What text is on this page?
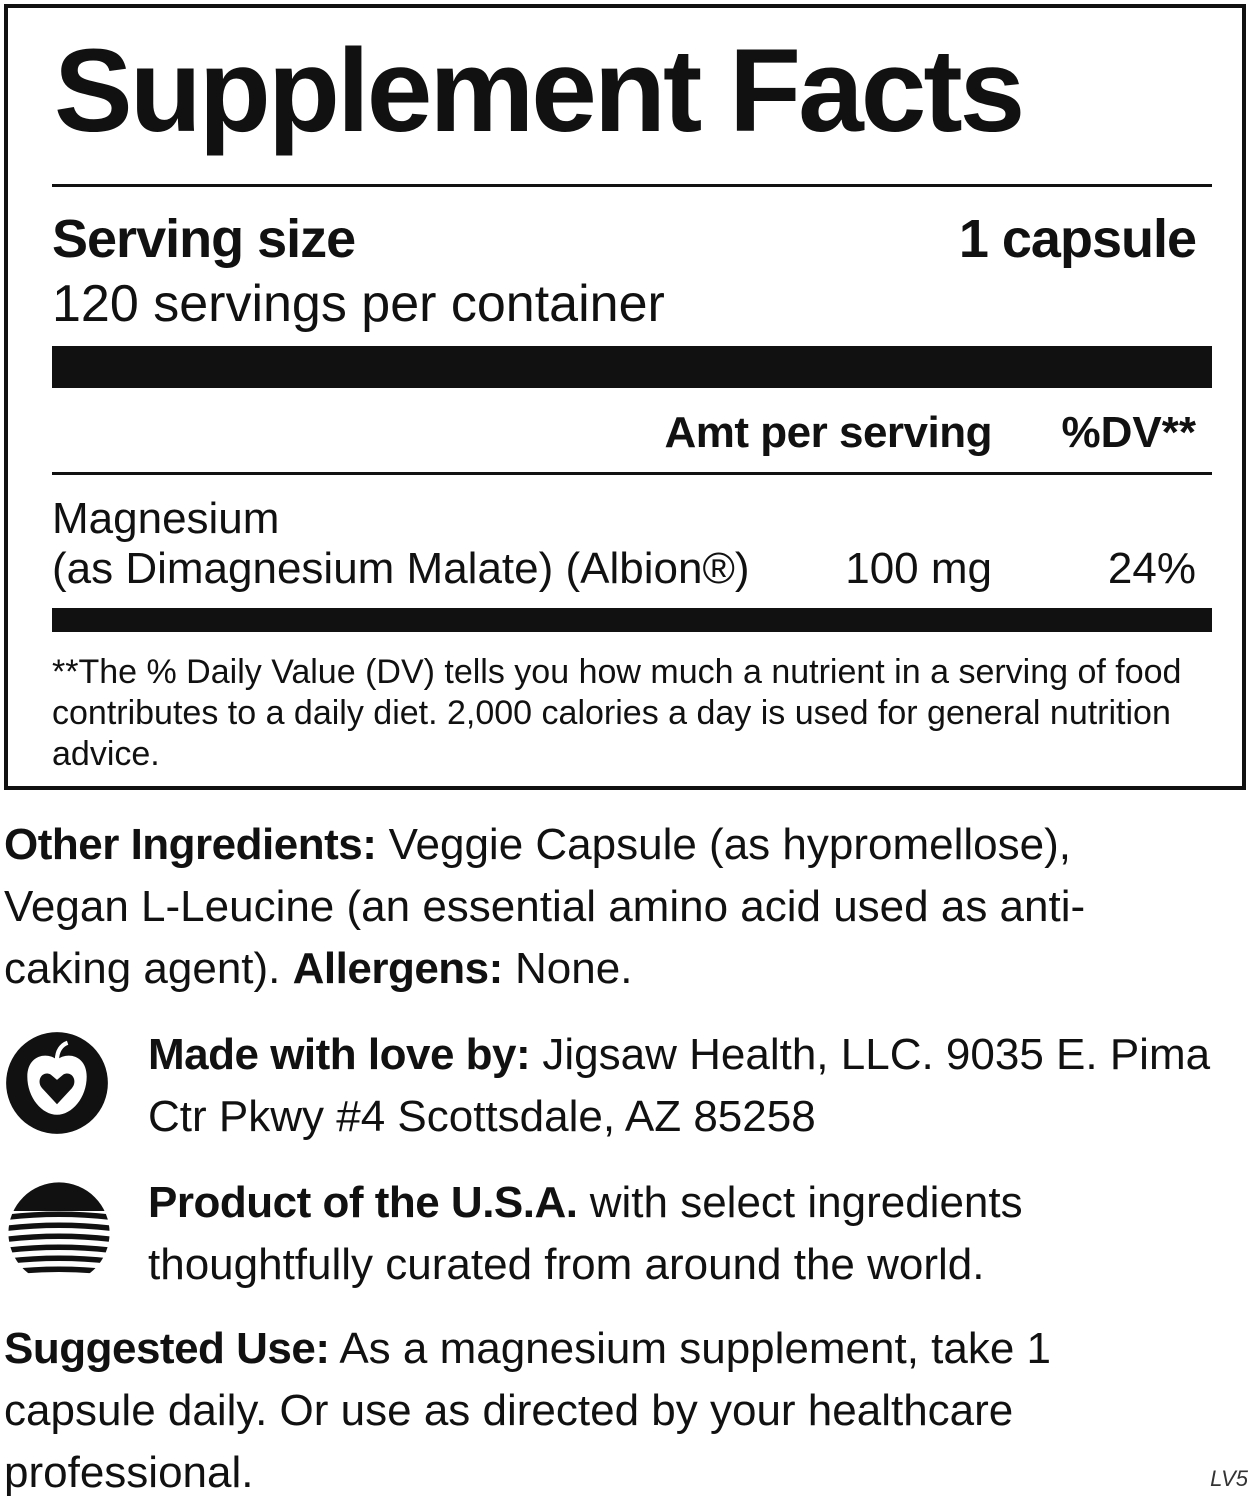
Supplement Facts
Serving size	1 capsule
120 servings per container
Amt per serving %DV**
Magnesium
(as Dimagnesium Malate) (Albion®) 100 mg	24%
**The % Daily Value (DV) tells you how much a nutrient in a serving of food contributes to a daily diet. 2,000 calories a day is used for general nutrition advice.
Other Ingredients: Veggie Capsule (as hypromellose), Vegan L-Leucine (an essential amino acid used as anti-caking agent). Allergens: None.
Made with love by: Jigsaw Health, LLC. 9035 E. Pima Ctr Pkwy #4 Scottsdale, AZ 85258
Product of the U.S.A. with select ingredients thoughtfully curated from around the world.
Suggested Use: As a magnesium supplement, take 1 capsule daily. Or use as directed by your healthcare professional.	LV5
